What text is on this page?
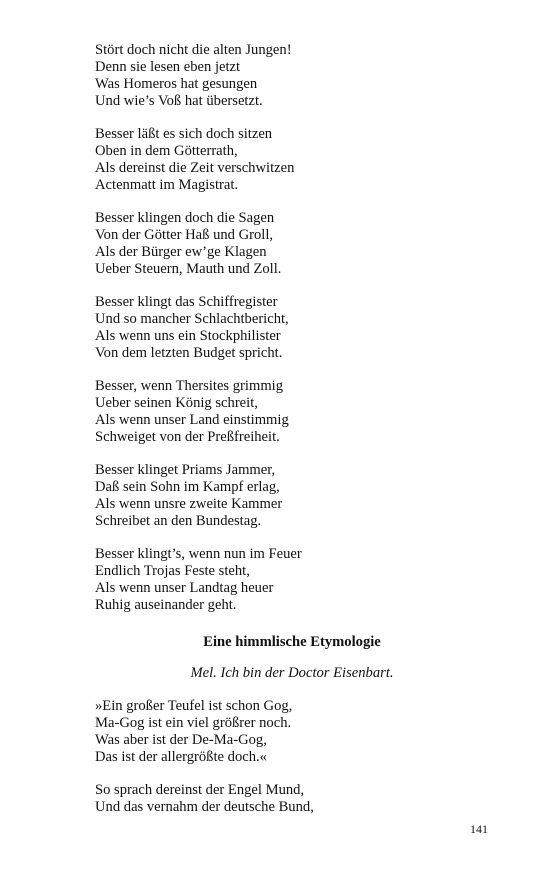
Stört doch nicht die alten Jungen!
Denn sie lesen eben jetzt
Was Homeros hat gesungen
Und wie’s Voß hat übersetzt.
Besser läßt es sich doch sitzen
Oben in dem Götterrath,
Als dereinst die Zeit verschwitzen
Actenmatt im Magistrat.
Besser klingen doch die Sagen
Von der Götter Haß und Groll,
Als der Bürger ew’ge Klagen
Ueber Steuern, Mauth und Zoll.
Besser klingt das Schiffregister
Und so mancher Schlachtbericht,
Als wenn uns ein Stockphilister
Von dem letzten Budget spricht.
Besser, wenn Thersites grimmig
Ueber seinen König schreit,
Als wenn unser Land einstimmig
Schweiget von der Preßfreiheit.
Besser klinget Priams Jammer,
Daß sein Sohn im Kampf erlag,
Als wenn unsre zweite Kammer
Schreibet an den Bundestag.
Besser klingt’s, wenn nun im Feuer
Endlich Trojas Feste steht,
Als wenn unser Landtag heuer
Ruhig auseinander geht.
Eine himmlische Etymologie
Mel. Ich bin der Doctor Eisenbart.
»Ein großer Teufel ist schon Gog,
Ma-Gog ist ein viel größrer noch.
Was aber ist der De-Ma-Gog,
Das ist der allergrößte doch.«
So sprach dereinst der Engel Mund,
Und das vernahm der deutsche Bund,
141
